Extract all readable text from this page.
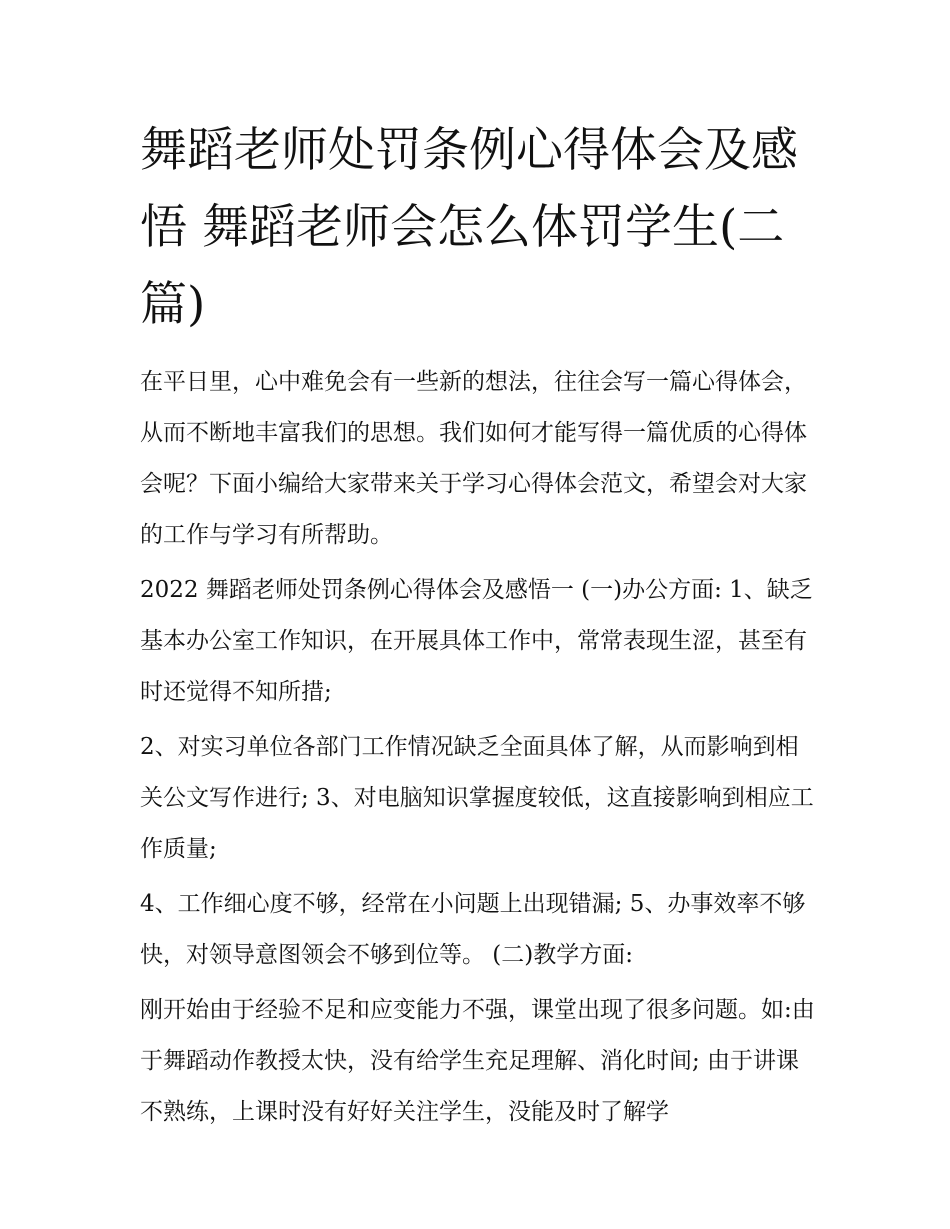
舞蹈老师处罚条例心得体会及感悟 舞蹈老师会怎么体罚学生(二篇)

在平日里，心中难免会有一些新的想法，往往会写一篇心得体会，从而不断地丰富我们的思想。我们如何才能写得一篇优质的心得体会呢？下面小编给大家带来关于学习心得体会范文，希望会对大家的工作与学习有所帮助。

2022 舞蹈老师处罚条例心得体会及感悟一 (一)办公方面: 1、缺乏基本办公室工作知识，在开展具体工作中，常常表现生涩，甚至有时还觉得不知所措;

2、对实习单位各部门工作情况缺乏全面具体了解，从而影响到相关公文写作进行; 3、对电脑知识掌握度较低，这直接影响到相应工作质量;

4、工作细心度不够，经常在小问题上出现错漏; 5、办事效率不够快，对领导意图领会不够到位等。 (二)教学方面:

刚开始由于经验不足和应变能力不强，课堂出现了很多问题。如:由于舞蹈动作教授太快，没有给学生充足理解、消化时间; 由于讲课不熟练，上课时没有好好关注学生，没能及时了解学
